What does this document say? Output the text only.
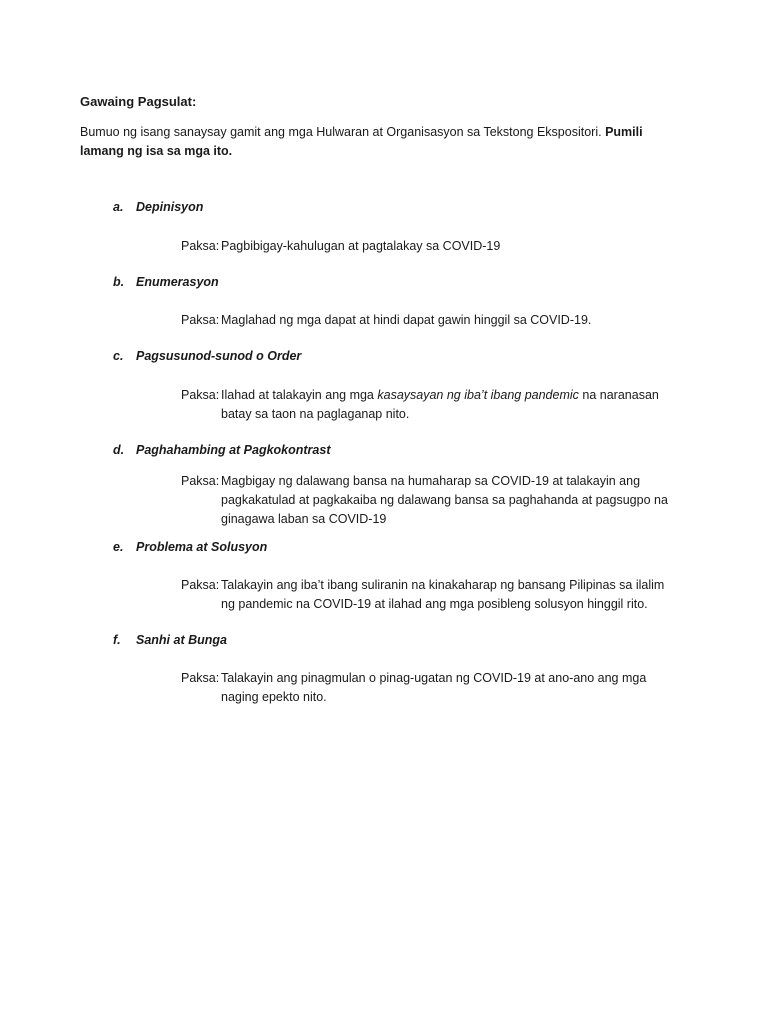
Gawaing Pagsulat:
Bumuo ng isang sanaysay gamit ang mga Hulwaran at Organisasyon sa Tekstong Ekspositori. Pumili lamang ng isa sa mga ito.
a. Depinisyon
Paksa: Pagbibigay-kahulugan at pagtalakay sa COVID-19
b. Enumerasyon
Paksa: Maglahad ng mga dapat at hindi dapat gawin hinggil sa COVID-19.
c. Pagsusunod-sunod o Order
Paksa: Ilahad at talakayin ang mga kasaysayan ng iba’t ibang pandemic na naranasan batay sa taon na paglaganap nito.
d. Paghahambing at Pagkokontrast
Paksa: Magbigay ng dalawang bansa na humaharap sa COVID-19 at talakayin ang pagkakatulad at pagkakaiba ng dalawang bansa sa paghahanda at pagsugpo na ginagawa laban sa COVID-19
e. Problema at Solusyon
Paksa: Talakayin ang iba’t ibang suliranin na kinakaharap ng bansang Pilipinas sa ilalim ng pandemic na COVID-19 at ilahad ang mga posibleng solusyon hinggil rito.
f. Sanhi at Bunga
Paksa: Talakayin ang pinagmulan o pinag-ugatan ng COVID-19 at ano-ano ang mga naging epekto nito.
